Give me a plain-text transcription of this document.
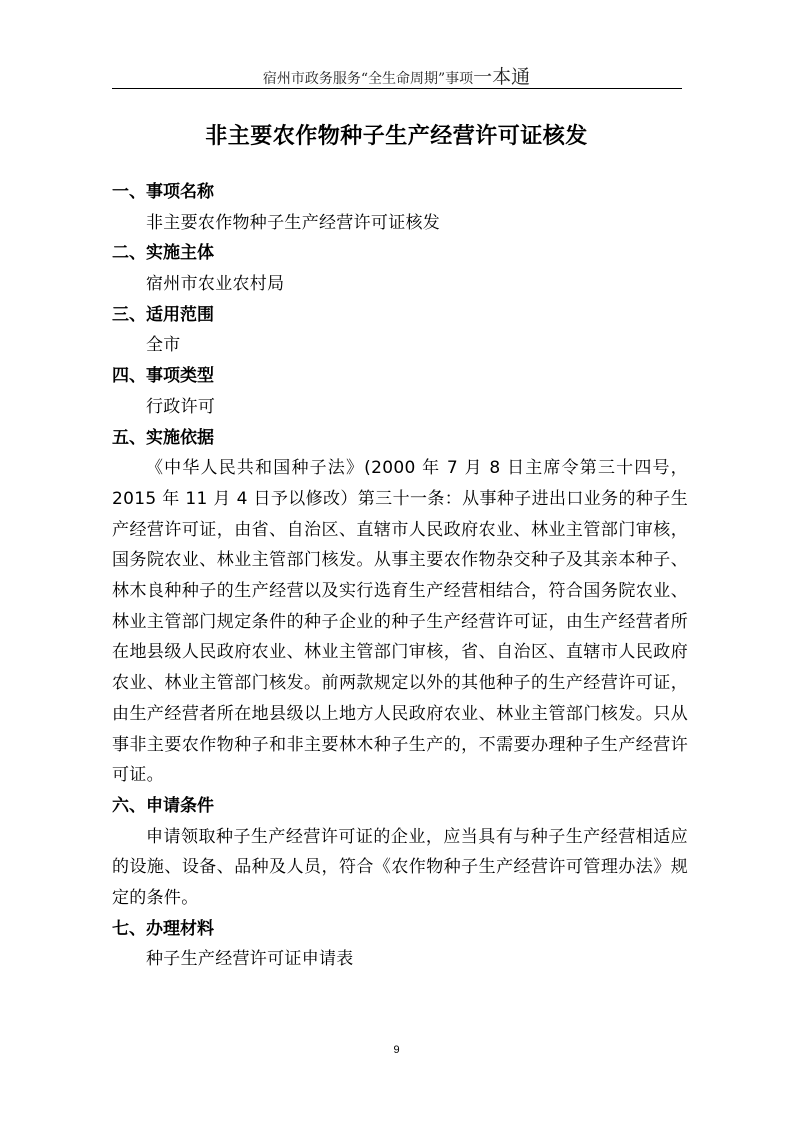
宿州市政务服务“全生命周期”事项一本通
非主要农作物种子生产经营许可证核发
一、事项名称
非主要农作物种子生产经营许可证核发
二、实施主体
宿州市农业农村局
三、适用范围
全市
四、事项类型
行政许可
五、实施依据
《中华人民共和国种子法》(2000 年 7 月 8 日主席令第三十四号，2015 年 11 月 4 日予以修改）第三十一条：从事种子进出口业务的种子生产经营许可证，由省、自治区、直辖市人民政府农业、林业主管部门审核，国务院农业、林业主管部门核发。从事主要农作物杂交种子及其亲本种子、林木良种种子的生产经营以及实行选育生产经营相结合，符合国务院农业、林业主管部门规定条件的种子企业的种子生产经营许可证，由生产经营者所在地县级人民政府农业、林业主管部门审核，省、自治区、直辖市人民政府农业、林业主管部门核发。前两款规定以外的其他种子的生产经营许可证，由生产经营者所在地县级以上地方人民政府农业、林业主管部门核发。只从事非主要农作物种子和非主要林木种子生产的，不需要办理种子生产经营许可证。
六、申请条件
申请领取种子生产经营许可证的企业，应当具有与种子生产经营相适应的设施、设备、品种及人员，符合《农作物种子生产经营许可管理办法》规定的条件。
七、办理材料
种子生产经营许可证申请表
9
